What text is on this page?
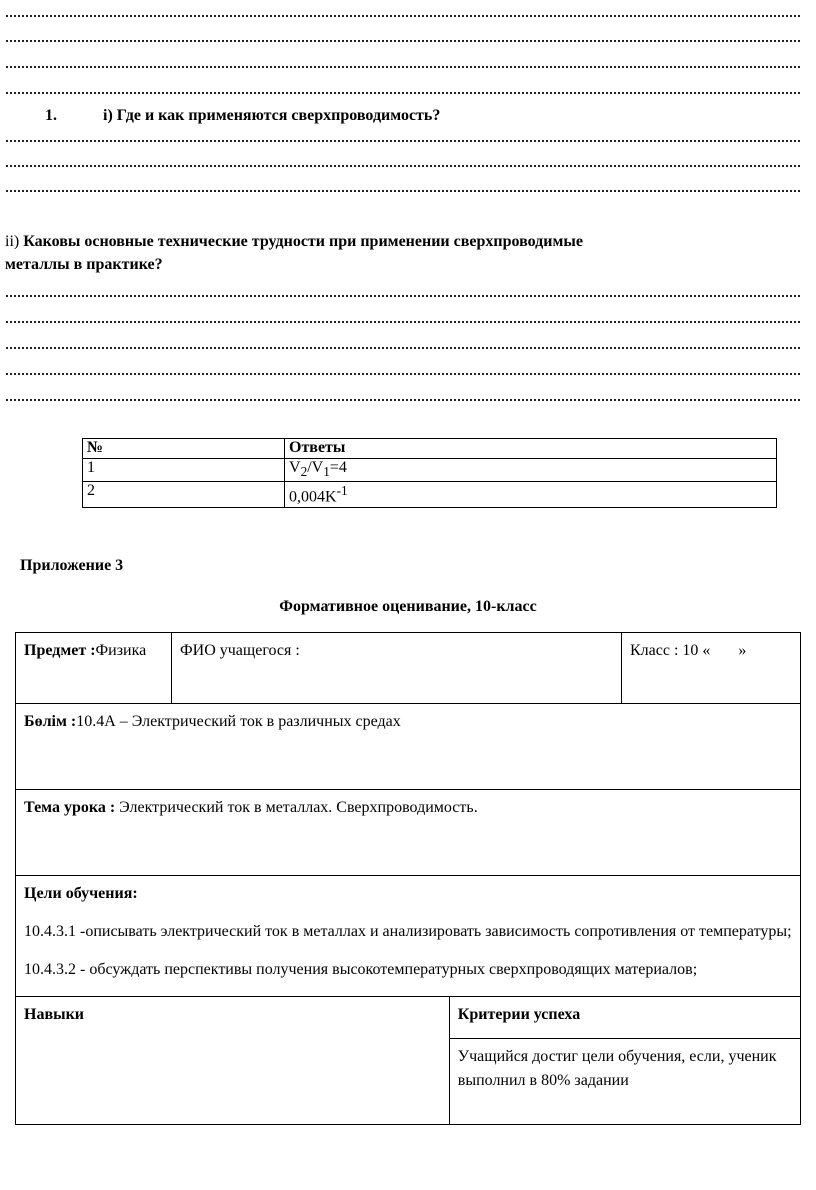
1.	i) Где и как применяются сверхпроводимость?
ii) Каковы основные технические трудности при применении сверхпроводимые
металлы в практике?
№	Ответы
1	$V_2/V_1=4$
2	$0,004K^{-1}$
Приложение 3
Формативное оценивание, 10-класс
Предмет :Физика	ФИО учащегося :		Класс : 10 «       »
Бөлім :10.4А – Электрический ток в различных средах			
Тема урока : Электрический ток в металлах. Сверхпроводимость.			

Цели обучения:
10.4.3.1 -описывать электрический ток в металлах и анализировать зависимость сопротивления от температуры;
10.4.3.2 - обсуждать перспективы получения высокотемпературных сверхпроводящих материалов;			

Навыки		Критерии успеха	
		Учащийся достиг цели обучения, если, ученик выполнил в 80% задании	
